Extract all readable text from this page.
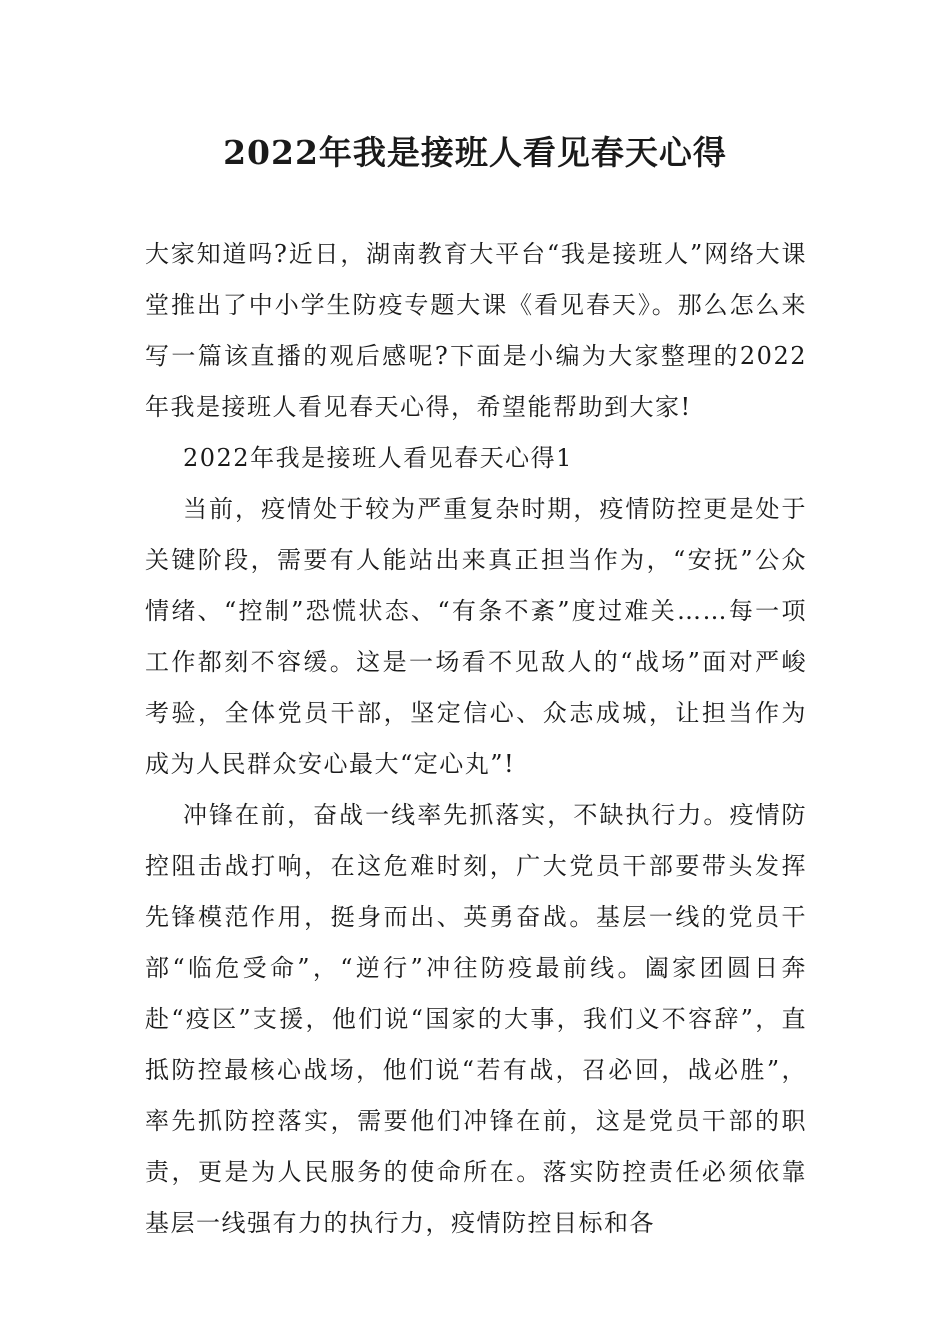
2022年我是接班人看见春天心得

大家知道吗?近日，湖南教育大平台“我是接班人”网络大课堂推出了中小学生防疫专题大课《看见春天》。那么怎么来写一篇该直播的观后感呢?下面是小编为大家整理的2022年我是接班人看见春天心得，希望能帮助到大家!

2022年我是接班人看见春天心得1

当前，疫情处于较为严重复杂时期，疫情防控更是处于关键阶段，需要有人能站出来真正担当作为，“安抚”公众情绪、“控制”恐慌状态、“有条不紊”度过难关……每一项工作都刻不容缓。这是一场看不见敌人的“战场”面对严峻考验，全体党员干部，坚定信心、众志成城，让担当作为成为人民群众安心最大“定心丸”!

冲锋在前，奋战一线率先抓落实，不缺执行力。疫情防控阻击战打响，在这危难时刻，广大党员干部要带头发挥先锋模范作用，挺身而出、英勇奋战。基层一线的党员干部“临危受命”，“逆行”冲往防疫最前线。阖家团圆日奔赴“疫区”支援，他们说“国家的大事，我们义不容辞”，直抵防控最核心战场，他们说“若有战，召必回，战必胜”，率先抓防控落实，需要他们冲锋在前，这是党员干部的职责，更是为人民服务的使命所在。落实防控责任必须依靠基层一线强有力的执行力，疫情防控目标和各
